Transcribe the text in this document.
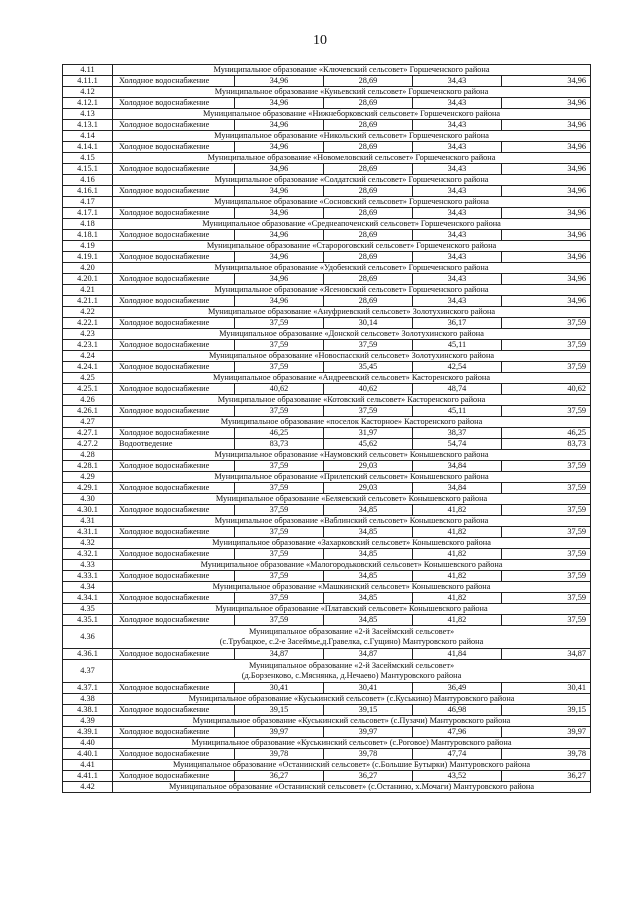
10
4.11	Муниципальное образование «Ключевский сельсовет» Горшеченского района				
4.11.1	Холодное водоснабжение	34,96	28,69	34,43	34,96
4.12	Муниципальное образование «Куньевский сельсовет» Горшеченского района				
4.12.1	Холодное водоснабжение	34,96	28,69	34,43	34,96
4.13	Муниципальное образование «Нижнеборковский сельсовет» Горшеченского района				
4.13.1	Холодное водоснабжение	34,96	28,69	34,43	34,96
4.14	Муниципальное образование «Никольский сельсовет» Горшеченского района				
4.14.1	Холодное водоснабжение	34,96	28,69	34,43	34,96
4.15	Муниципальное образование «Новомеловский сельсовет» Горшеченского района				
4.15.1	Холодное водоснабжение	34,96	28,69	34,43	34,96
4.16	Муниципальное образование «Солдатский сельсовет» Горшеченского района				
4.16.1	Холодное водоснабжение	34,96	28,69	34,43	34,96
4.17	Муниципальное образование «Сосновский сельсовет» Горшеченского района				
4.17.1	Холодное водоснабжение	34,96	28,69	34,43	34,96
4.18	Муниципальное образование «Среднеапоченский сельсовет» Горшеченского района				
4.18.1	Холодное водоснабжение	34,96	28,69	34,43	34,96
4.19	Муниципальное образование «Старороговский сельсовет» Горшеченского района				
4.19.1	Холодное водоснабжение	34,96	28,69	34,43	34,96
4.20	Муниципальное образование «Удобенский сельсовет» Горшеченского района				
4.20.1	Холодное водоснабжение	34,96	28,69	34,43	34,96
4.21	Муниципальное образование «Ясеновский сельсовет» Горшеченского района				
4.21.1	Холодное водоснабжение	34,96	28,69	34,43	34,96
4.22	Муниципальное образование «Ануфриевский сельсовет» Золотухинского района				
4.22.1	Холодное водоснабжение	37,59	30,14	36,17	37,59
4.23	Муниципальное образование «Донской сельсовет» Золотухинского района				
4.23.1	Холодное водоснабжение	37,59	37,59	45,11	37,59
4.24	Муниципальное образование «Новоспасский сельсовет» Золотухинского района				
4.24.1	Холодное водоснабжение	37,59	35,45	42,54	37,59
4.25	Муниципальное образование «Андреевский сельсовет» Касторенского района				
4.25.1	Холодное водоснабжение	40,62	40,62	48,74	40,62
4.26	Муниципальное образование «Котовский сельсовет» Касторенского района				
4.26.1	Холодное водоснабжение	37,59	37,59	45,11	37,59
4.27	Муниципальное образование «поселок Касторное» Касторенского района				
4.27.1	Холодное водоснабжение	46,25	31,97	38,37	46,25
4.27.2	Водоотведение	83,73	45,62	54,74	83,73
4.28	Муниципальное образование «Наумовский сельсовет» Конышевского района				
4.28.1	Холодное водоснабжение	37,59	29,03	34,84	37,59
4.29	Муниципальное образование «Прилепский сельсовет» Конышевского района				
4.29.1	Холодное водоснабжение	37,59	29,03	34,84	37,59
4.30	Муниципальное образование «Беляевский сельсовет» Конышевского района				
4.30.1	Холодное водоснабжение	37,59	34,85	41,82	37,59
4.31	Муниципальное образование «Ваблинский сельсовет» Конышевского района				
4.31.1	Холодное водоснабжение	37,59	34,85	41,82	37,59
4.32	Муниципальное образование «Захарковский сельсовет» Конышевского района				
4.32.1	Холодное водоснабжение	37,59	34,85	41,82	37,59
4.33	Муниципальное образование «Малогородьковский сельсовет» Конышевского района				
4.33.1	Холодное водоснабжение	37,59	34,85	41,82	37,59
4.34	Муниципальное образование «Машкинский сельсовет» Конышевского района				
4.34.1	Холодное водоснабжение	37,59	34,85	41,82	37,59
4.35	Муниципальное образование «Платавский сельсовет» Конышевского района				
4.35.1	Холодное водоснабжение	37,59	34,85	41,82	37,59
4.36	Муниципальное образование «2-й Засеймский сельсовет»
(с.Трубацкое, с.2-е Засеймье,д.Гравелка, с.Гущино) Мантуровского района				

4.36.1	Холодное водоснабжение	34,87	34,87	41,84	34,87
4.37	Муниципальное образование «2-й Засеймский сельсовет»
(д.Борзенково, с.Мяснянка, д.Нечаево) Мантуровского района				

4.37.1	Холодное водоснабжение	30,41	30,41	36,49	30,41
4.38	Муниципальное образование «Куськинский сельсовет» (с.Куськино) Мантуровского района				
4.38.1	Холодное водоснабжение	39,15	39,15	46,98	39,15
4.39	Муниципальное образование «Куськинский сельсовет» (с.Пузачи) Мантуровского района				
4.39.1	Холодное водоснабжение	39,97	39,97	47,96	39,97
4.40	Муниципальное образование «Куськинский сельсовет» (с.Роговое) Мантуровского района				
4.40.1	Холодное водоснабжение	39,78	39,78	47,74	39,78
4.41	Муниципальное образование «Останинский сельсовет» (с.Большие Бутырки) Мантуровского района				
4.41.1	Холодное водоснабжение	36,27	36,27	43,52	36,27
4.42	Муниципальное образование «Останинский сельсовет» (с.Останино, х.Мочаги) Мантуровского района				
